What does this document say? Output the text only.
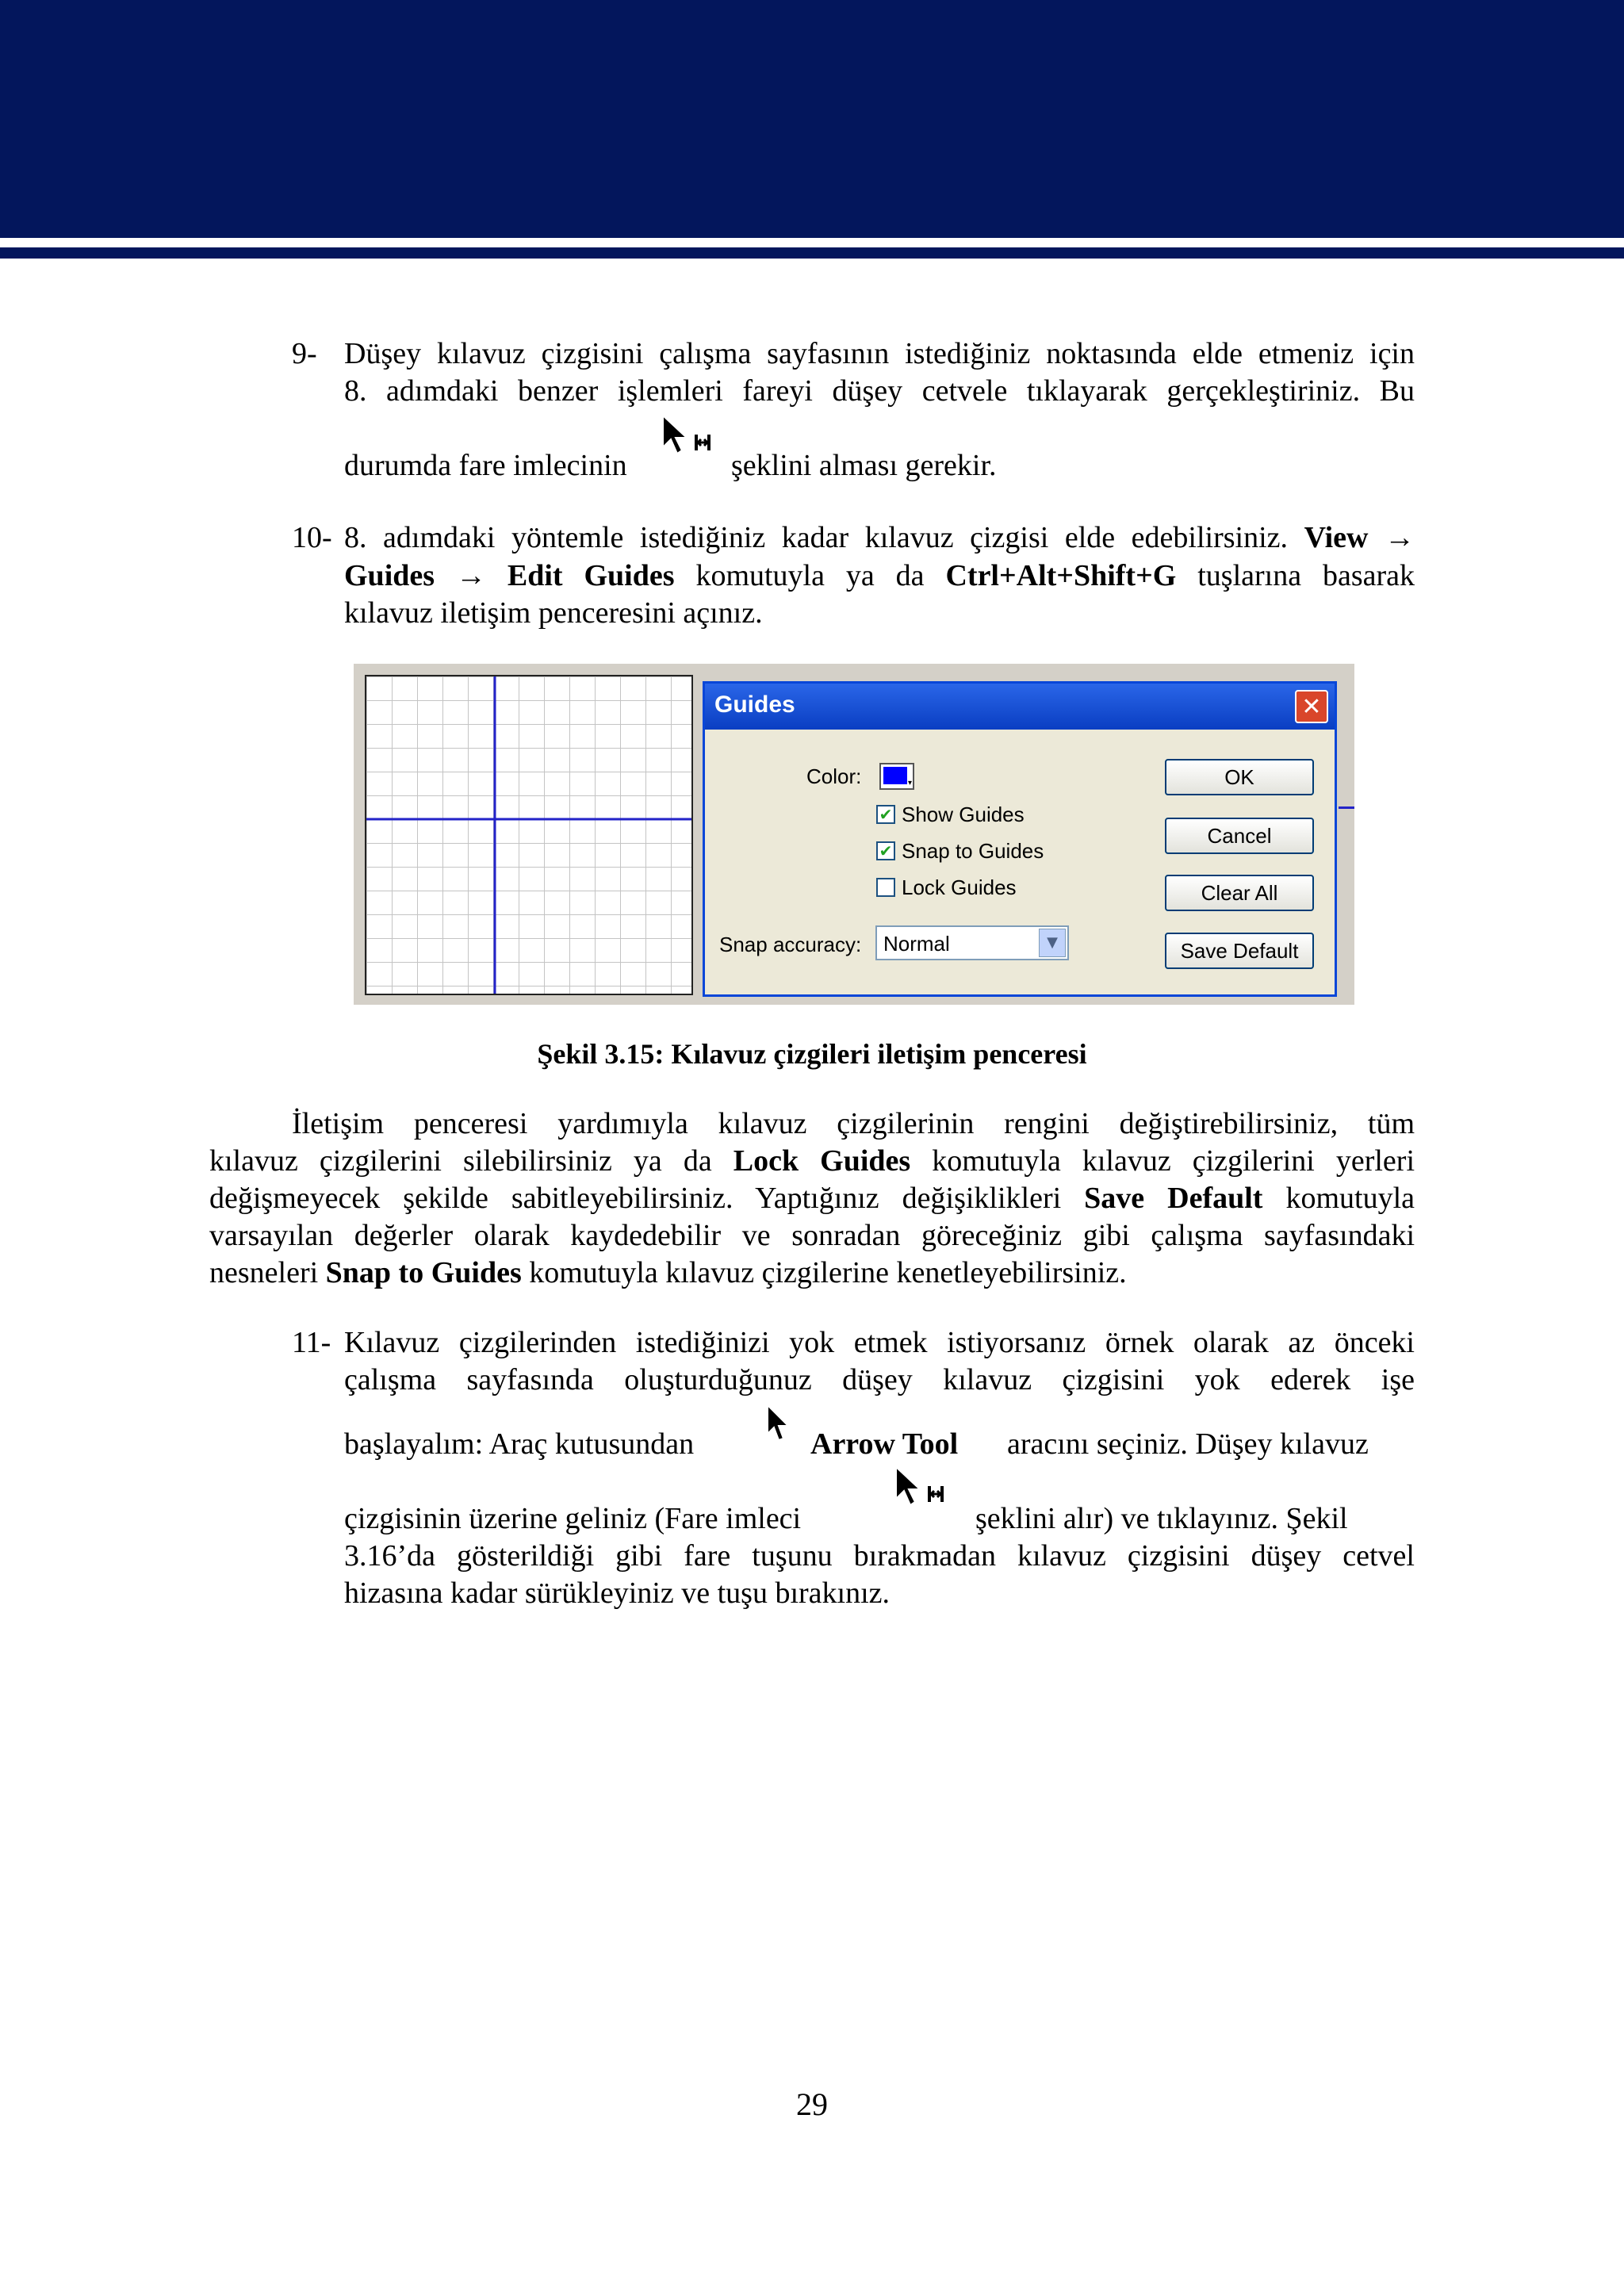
9- Düşey kılavuz çizgisini çalışma sayfasının istediğiniz noktasında elde etmeniz için
8. adımdaki benzer işlemleri fareyi düşey cetvele tıklayarak gerçekleştiriniz. Bu
durumda fare imlecinin	şeklini alması gerekir.
10- 8. adımdaki yöntemle istediğiniz kadar kılavuz çizgisi elde edebilirsiniz. View →
Guides → Edit Guides komutuyla ya da Ctrl+Alt+Shift+G tuşlarına basarak
kılavuz iletişim penceresini açınız.
Guides	✕
Color:	▾
✔ Show Guides
✔ Snap to Guides
Lock Guides
Snap accuracy: Normal	▼
OK
Cancel
Clear All
Save Default
Şekil 3.15: Kılavuz çizgileri iletişim penceresi
İletişim penceresi yardımıyla kılavuz çizgilerinin rengini değiştirebilirsiniz, tüm
kılavuz çizgilerini silebilirsiniz ya da Lock Guides komutuyla kılavuz çizgilerini yerleri
değişmeyecek şekilde sabitleyebilirsiniz. Yaptığınız değişiklikleri Save Default komutuyla
varsayılan değerler olarak kaydedebilir ve sonradan göreceğiniz gibi çalışma sayfasındaki
nesneleri Snap to Guides komutuyla kılavuz çizgilerine kenetleyebilirsiniz.
11- Kılavuz çizgilerinden istediğinizi yok etmek istiyorsanız örnek olarak az önceki
çalışma sayfasında oluşturduğunuz düşey kılavuz çizgisini yok ederek işe
başlayalım: Araç kutusundan	Arrow Tool aracını seçiniz. Düşey kılavuz
çizgisinin üzerine geliniz (Fare imleci	şeklini alır) ve tıklayınız. Şekil
3.16’da gösterildiği gibi fare tuşunu bırakmadan kılavuz çizgisini düşey cetvel
hizasına kadar sürükleyiniz ve tuşu bırakınız.
29
